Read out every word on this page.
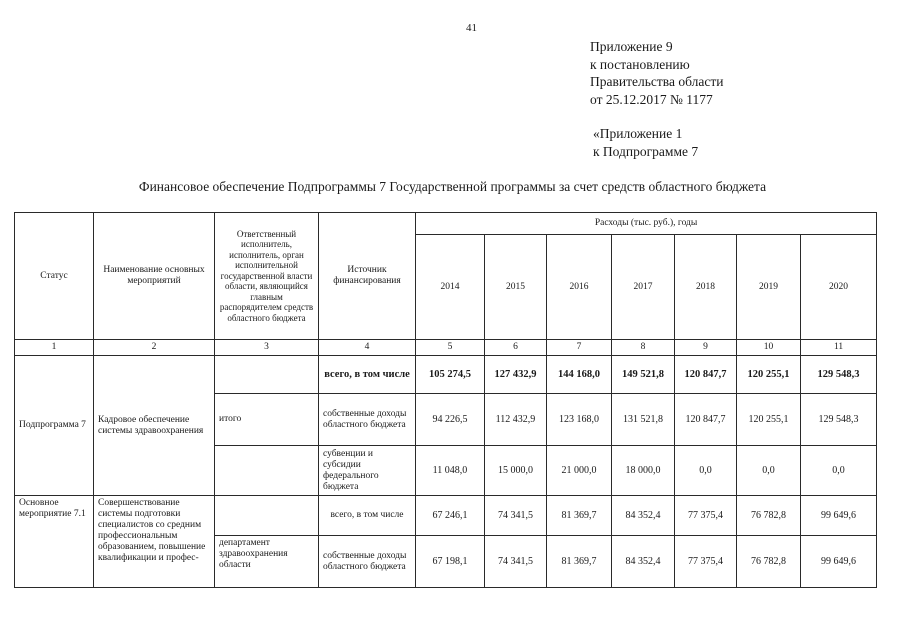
41
Приложение 9
к постановлению
Правительства области
от 25.12.2017 № 1177
«Приложение 1
к Подпрограмме 7
Финансовое обеспечение Подпрограммы 7 Государственной программы за счет средств областного бюджета
Статус	Наименование основных мероприятий	Ответственный исполнитель, исполнитель, орган исполнительной государственной власти области, являющийся главным распорядителем средств областного бюджета	Источник финансирования	Расходы (тыс. руб.), годы						
				2014	2015	2016	2017	2018	2019	2020
1	2	3	4	5	6	7	8	9	10	11
Подпрограмма 7	Кадровое обеспечение системы здравоохранения		всего, в том числе	105 274,5	127 432,9	144 168,0	149 521,8	120 847,7	120 255,1	129 548,3
		итого	собственные доходы областного бюджета	94 226,5	112 432,9	123 168,0	131 521,8	120 847,7	120 255,1	129 548,3
			субвенции и субсидии федерального бюджета	11 048,0	15 000,0	21 000,0	18 000,0	0,0	0,0	0,0
Основное мероприятие 7.1	Совершенствование системы подготовки специалистов со средним профессиональным образованием, повышение квалификации и профес-		всего, в том числе	67 246,1	74 341,5	81 369,7	84 352,4	77 375,4	76 782,8	99 649,6
		департамент здравоохранения области	собственные доходы областного бюджета	67 198,1	74 341,5	81 369,7	84 352,4	77 375,4	76 782,8	99 649,6
